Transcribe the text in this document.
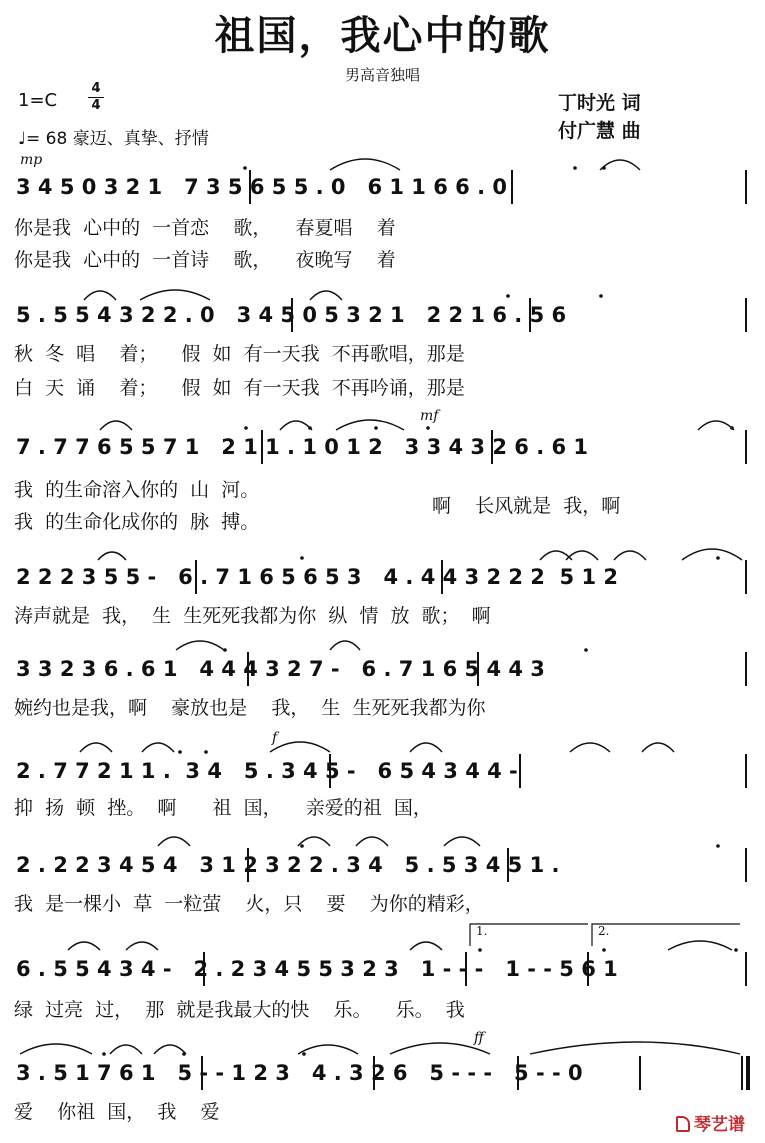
祖国，我心中的歌
男高音独唱
1=C
4
4
♩= 68 豪迈、真挚、抒情
丁时光 词
付广慧 曲
mp
mf
f
ff
3 4 5 0 3 2 1   7 3 5 6 5 5 . 0   6 1 1 6 6 . 0
你是我  心中的  一首恋    歌，    春夏唱    着
你是我  心中的  一首诗    歌，    夜晚写    着
5 . 5 5 4 3 2 2 . 0   3 4 5 0 5 3 2 1   2 2 1 6 . 5 6
秋  冬  唱    着；    假  如  有一天我  不再歌唱，那是
白  天  诵    着；    假  如  有一天我  不再吟诵，那是
7 . 7 7 6 5 5 7 1   2 1 1 . 1 0 1 2   3 3 4 3 2 6 . 6 1
我  的生命溶入你的  山  河。
我  的生命化成你的  脉  搏。
啊    长风就是  我，啊
2 2 2 3 5 5 -   6 . 7 1 6 5 6 5 3   4 . 4 4 3 2 2 2  5 1 2
涛声就是  我，  生  生死死我都为你  纵  情  放  歌；  啊
3 3 2 3 6 . 6 1   4 4 4 3 2 7 -   6 . 7 1 6 5 4 4 3
婉约也是我，啊    豪放也是    我，  生  生死死我都为你
2 . 7 7 2 1 1 .  3 4   5 . 3 4 5 -   6 5 4 3 4 4 -
抑  扬  顿  挫。  啊      祖  国，    亲爱的祖  国，
2 . 2 2 3 4 5 4   3 1 2 3 2 2 . 3 4   5 . 5 3 4 5 1 .
我  是一棵小  草  一粒萤    火，只    要    为你的精彩，
1.	2.
6 . 5 5 4 3 4 -   2 . 2 3 4 5 5 3 2 3   1 - - -   1 - - 5 6 1
绿  过亮  过，  那  就是我最大的快    乐。    乐。  我
3 . 5 1 7 6 1   5 - - 1 2 3   4 . 3 2 6   5 - - -   5 - - 0
爱    你祖  国，  我    爱
琴艺谱
